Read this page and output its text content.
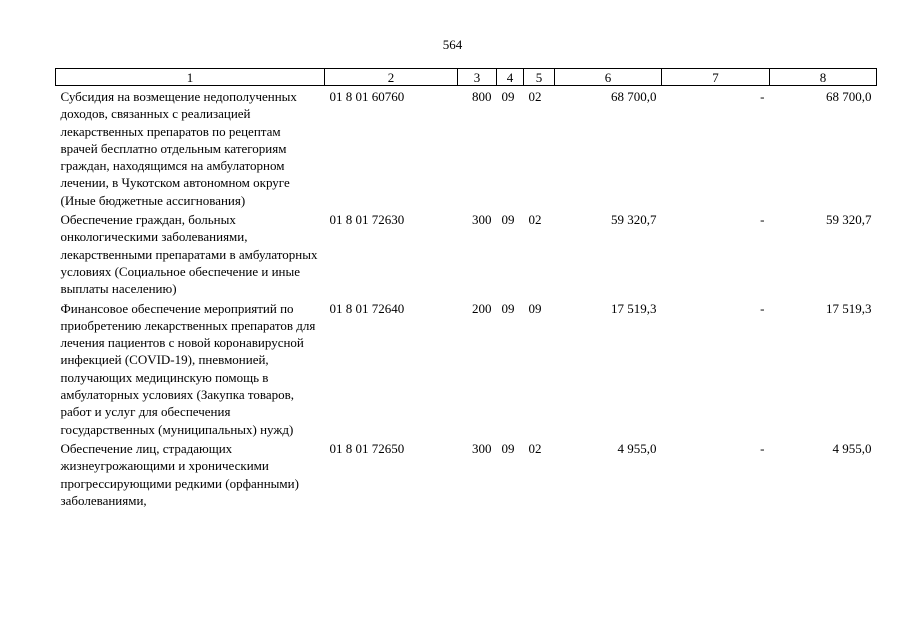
564
1	2	3	4	5	6	7	8
Субсидия на возмещение недополученных доходов, связанных с реализацией лекарственных препаратов по рецептам врачей бесплатно отдельным категориям граждан, находящимся на амбулаторном лечении, в Чукотском автономном округе (Иные бюджетные ассигнования)	01 8 01 60760	800	09	02	68 700,0	-	68 700,0
Обеспечение граждан, больных онкологическими заболеваниями, лекарственными препаратами в амбулаторных условиях (Социальное обеспечение и иные выплаты населению)	01 8 01 72630	300	09	02	59 320,7	-	59 320,7
Финансовое обеспечение мероприятий по приобретению лекарственных препаратов для лечения пациентов с новой коронавирусной инфекцией (COVID-19), пневмонией, получающих медицинскую помощь в амбулаторных условиях (Закупка товаров, работ и услуг для обеспечения государственных (муниципальных) нужд)	01 8 01 72640	200	09	09	17 519,3	-	17 519,3
Обеспечение лиц, страдающих жизнеугрожающими и хроническими прогрессирующими редкими (орфанными) заболеваниями,	01 8 01 72650	300	09	02	4 955,0	-	4 955,0
